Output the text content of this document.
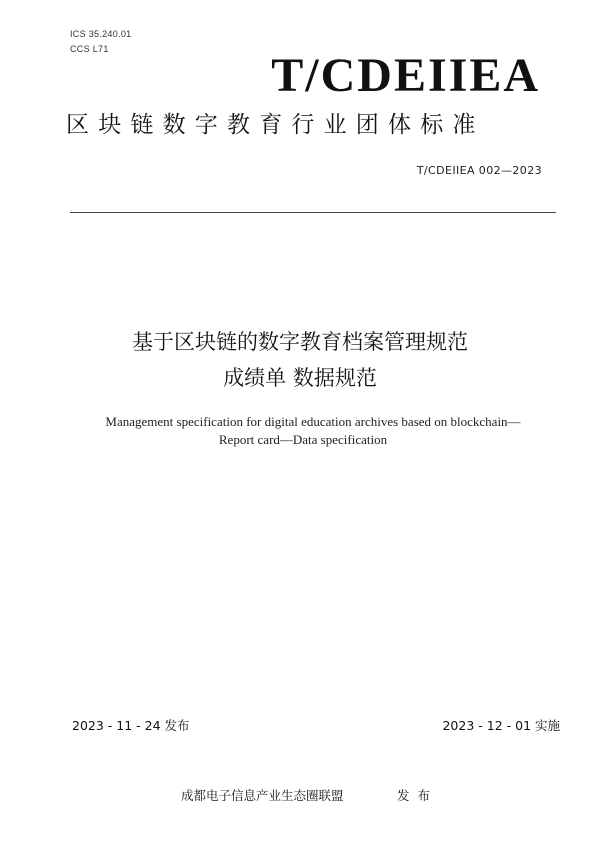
ICS 35.240.01
CCS L71	T/CDEIIEA
区块链数字教育行业团体标准
T/CDEIIEA 002—2023
基于区块链的数字教育档案管理规范
成绩单 数据规范
Management specification for digital education archives based on blockchain—
Report card—Data specification
2023 - 11 - 24 发布	2023 - 12 - 01 实施
成都电子信息产业生态圈联盟	发布
